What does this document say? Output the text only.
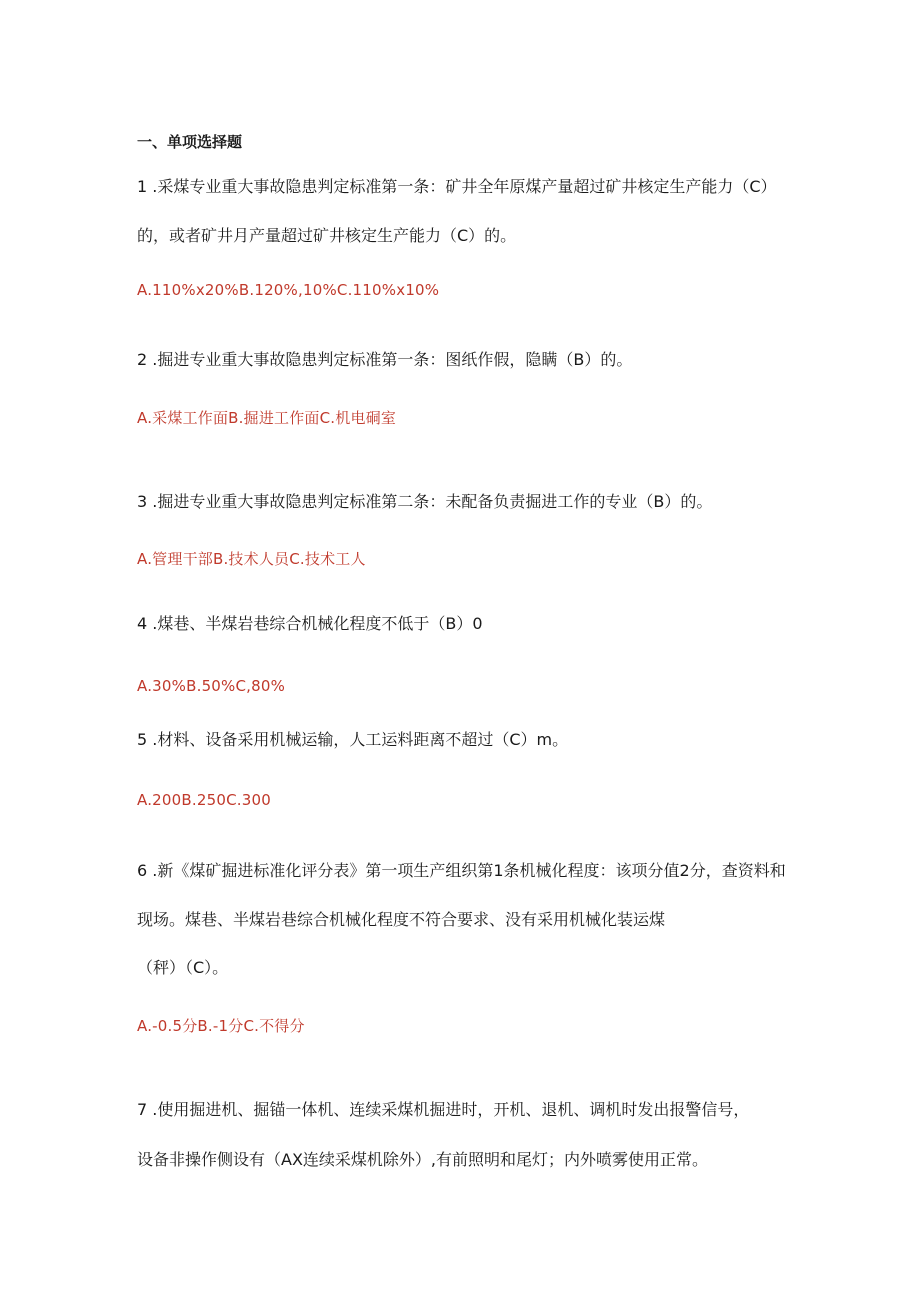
一、单项选择题
1 .采煤专业重大事故隐患判定标准第一条：矿井全年原煤产量超过矿井核定生产能力（C）
的，或者矿井月产量超过矿井核定生产能力（C）的。
A.110%x20%B.120%,10%C.110%x10%
2 .掘进专业重大事故隐患判定标准第一条：图纸作假，隐瞒（B）的。
A.采煤工作面B.掘进工作面C.机电硐室
3 .掘进专业重大事故隐患判定标准第二条：未配备负责掘进工作的专业（B）的。
A.管理干部B.技术人员C.技术工人
4 .煤巷、半煤岩巷综合机械化程度不低于（B）0
A.30%B.50%C,80%
5 .材料、设备采用机械运输，人工运料距离不超过（C）m。
A.200B.250C.300
6 .新《煤矿掘进标准化评分表》第一项生产组织第1条机械化程度：该项分值2分，查资料和
现场。煤巷、半煤岩巷综合机械化程度不符合要求、没有采用机械化装运煤
（秤）（C）。
A.-0.5分B.-1分C.不得分
7 .使用掘进机、掘锚一体机、连续采煤机掘进时，开机、退机、调机时发出报警信号，
设备非操作侧设有（AX连续采煤机除外）,有前照明和尾灯；内外喷雾使用正常。
